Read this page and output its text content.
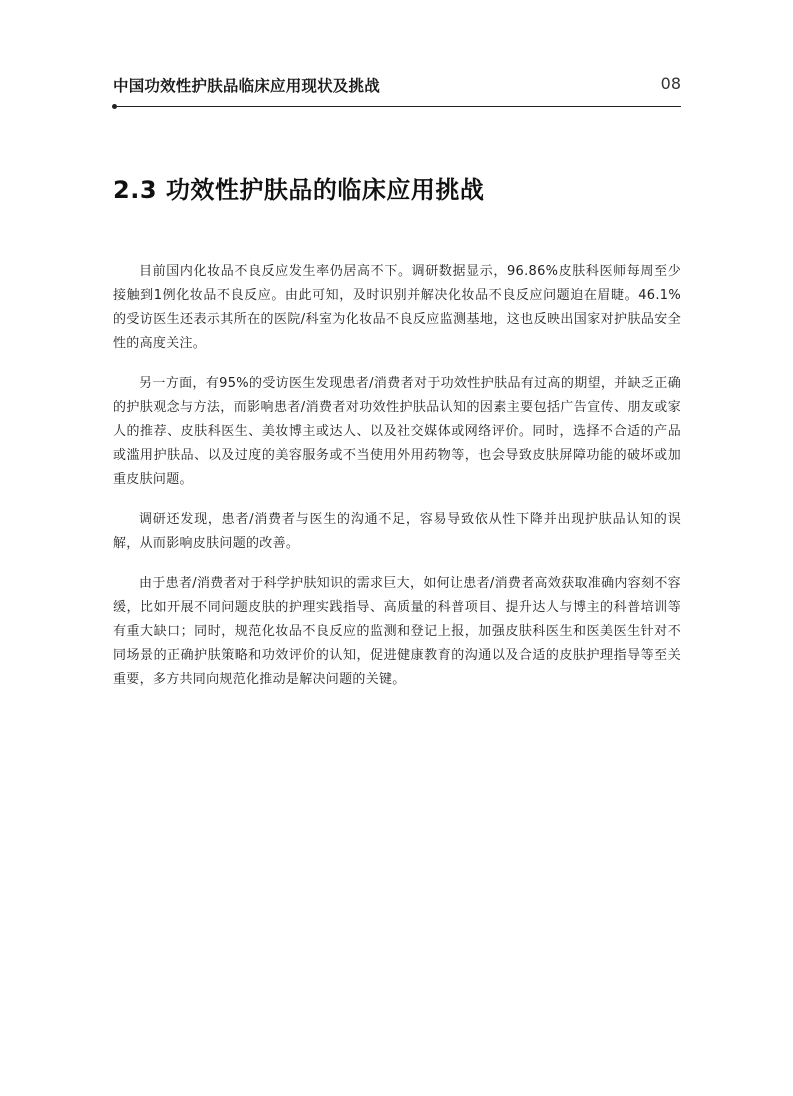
中国功效性护肤品临床应用现状及挑战	08
2.3 功效性护肤品的临床应用挑战

目前国内化妆品不良反应发生率仍居高不下。调研数据显示，96.86%皮肤科医师每周至少接触到1例化妆品不良反应。由此可知，及时识别并解决化妆品不良反应问题迫在眉睫。46.1%的受访医生还表示其所在的医院/科室为化妆品不良反应监测基地，这也反映出国家对护肤品安全性的高度关注。

另一方面，有95%的受访医生发现患者/消费者对于功效性护肤品有过高的期望，并缺乏正确的护肤观念与方法，而影响患者/消费者对功效性护肤品认知的因素主要包括广告宣传、朋友或家人的推荐、皮肤科医生、美妆博主或达人、以及社交媒体或网络评价。同时，选择不合适的产品或滥用护肤品、以及过度的美容服务或不当使用外用药物等，也会导致皮肤屏障功能的破坏或加重皮肤问题。

调研还发现，患者/消费者与医生的沟通不足，容易导致依从性下降并出现护肤品认知的误解，从而影响皮肤问题的改善。

由于患者/消费者对于科学护肤知识的需求巨大，如何让患者/消费者高效获取准确内容刻不容缓，比如开展不同问题皮肤的护理实践指导、高质量的科普项目、提升达人与博主的科普培训等有重大缺口；同时，规范化妆品不良反应的监测和登记上报，加强皮肤科医生和医美医生针对不同场景的正确护肤策略和功效评价的认知，促进健康教育的沟通以及合适的皮肤护理指导等至关重要，多方共同向规范化推动是解决问题的关键。
